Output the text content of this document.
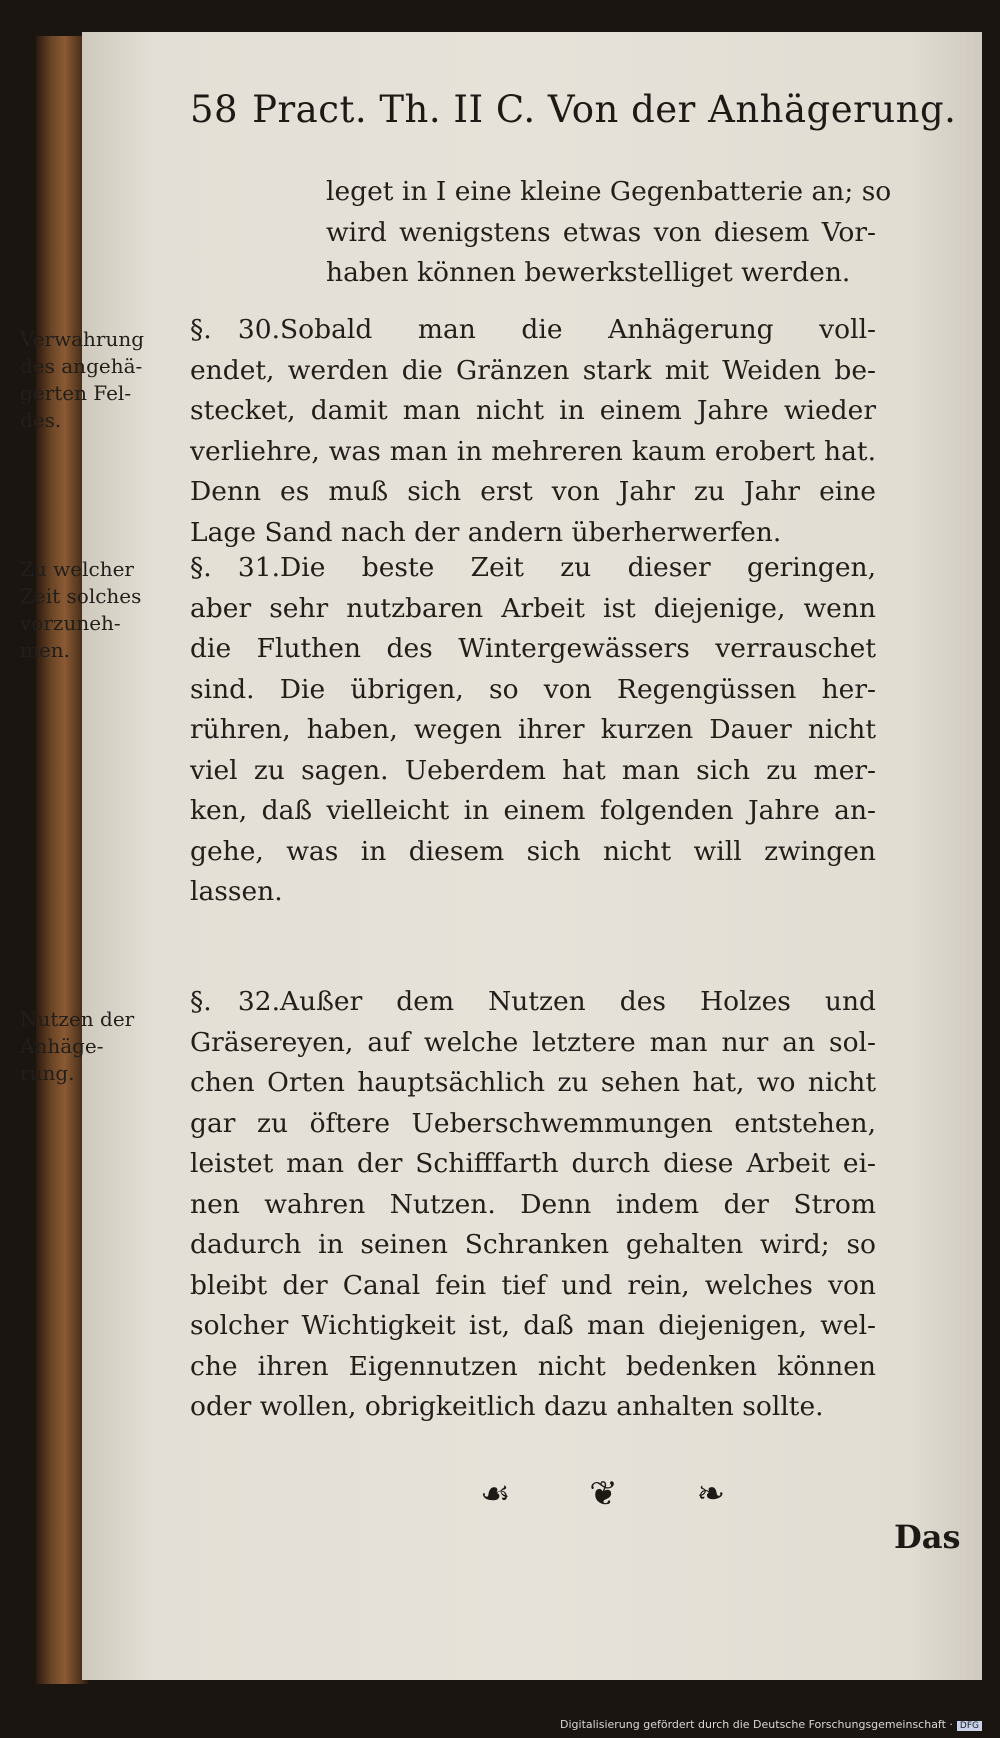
58 Pract. Th. II C. Von der Anhägerung.
leget in I eine kleine Gegenbatterie an; so
wird wenigstens etwas von diesem Vor-
haben können bewerkstelliget werden.
Verwahrung
des angehä-
gerten Fel-
des.
§. 30.Sobald man die Anhägerung voll-
endet, werden die Gränzen stark mit Weiden be-
stecket, damit man nicht in einem Jahre wieder
verliehre, was man in mehreren kaum erobert hat.
Denn es muß sich erst von Jahr zu Jahr eine
Lage Sand nach der andern überherwerfen.
Zu welcher
Zeit solches
vorzuneh-
men.
§. 31.Die beste Zeit zu dieser geringen,
aber sehr nutzbaren Arbeit ist diejenige, wenn
die Fluthen des Wintergewässers verrauschet
sind. Die übrigen, so von Regengüssen her-
rühren, haben, wegen ihrer kurzen Dauer nicht
viel zu sagen. Ueberdem hat man sich zu mer-
ken, daß vielleicht in einem folgenden Jahre an-
gehe, was in diesem sich nicht will zwingen
lassen.
Nutzen der
Anhäge-
rung.
§. 32.Außer dem Nutzen des Holzes und
Gräsereyen, auf welche letztere man nur an sol-
chen Orten hauptsächlich zu sehen hat, wo nicht
gar zu öftere Ueberschwemmungen entstehen,
leistet man der Schifffarth durch diese Arbeit ei-
nen wahren Nutzen. Denn indem der Strom
dadurch in seinen Schranken gehalten wird; so
bleibt der Canal fein tief und rein, welches von
solcher Wichtigkeit ist, daß man diejenigen, wel-
che ihren Eigennutzen nicht bedenken können
oder wollen, obrigkeitlich dazu anhalten sollte.
☙ ❦ ❧
Das
Digitalisierung gefördert durch die Deutsche Forschungsgemeinschaft · DFG
